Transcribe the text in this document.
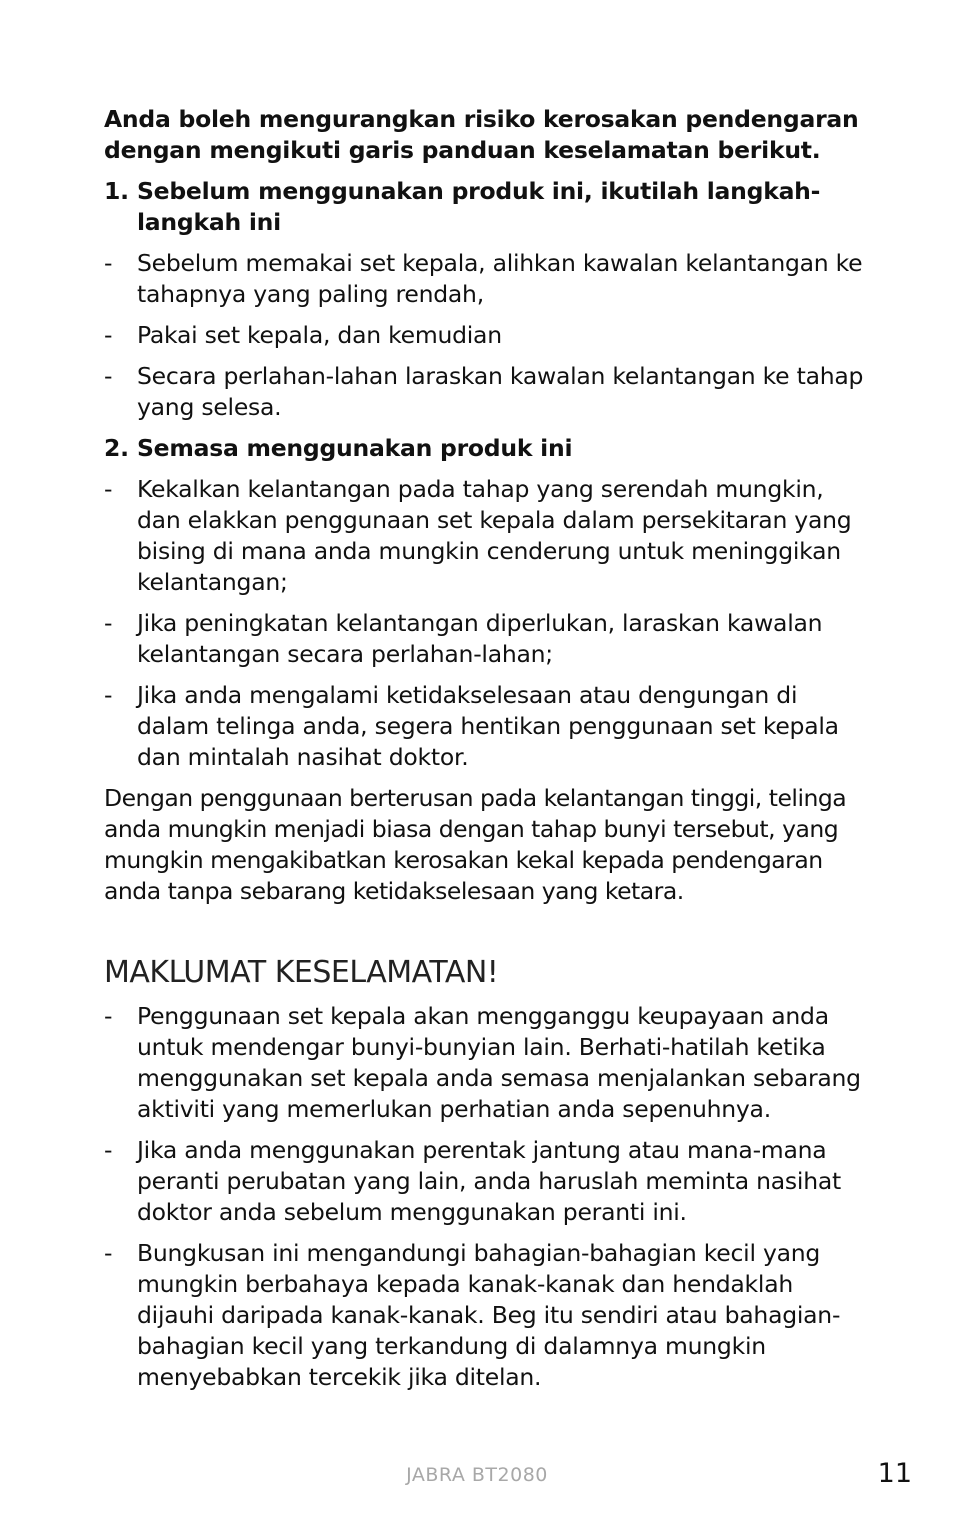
Anda boleh mengurangkan risiko kerosakan pendengaran dengan mengikuti garis panduan keselamatan berikut.

1. Sebelum menggunakan produk ini, ikutilah langkah-langkah ini
-	Sebelum memakai set kepala, alihkan kawalan kelantangan ke tahapnya yang paling rendah,
-	Pakai set kepala, dan kemudian
-	Secara perlahan-lahan laraskan kawalan kelantangan ke tahap yang selesa.
2. Semasa menggunakan produk ini
-	Kekalkan kelantangan pada tahap yang serendah mungkin, dan elakkan penggunaan set kepala dalam persekitaran yang bising di mana anda mungkin cenderung untuk meninggikan kelantangan;
-	Jika peningkatan kelantangan diperlukan, laraskan kawalan kelantangan secara perlahan-lahan;
-	Jika anda mengalami ketidakselesaan atau dengungan di dalam telinga anda, segera hentikan penggunaan set kepala dan mintalah nasihat doktor.

Dengan penggunaan berterusan pada kelantangan tinggi, telinga anda mungkin menjadi biasa dengan tahap bunyi tersebut, yang mungkin mengakibatkan kerosakan kekal kepada pendengaran anda tanpa sebarang ketidakselesaan yang ketara.

MAKLUMAT KESELAMATAN!
-	Penggunaan set kepala akan mengganggu keupayaan anda untuk mendengar bunyi-bunyian lain. Berhati-hatilah ketika menggunakan set kepala anda semasa menjalankan sebarang aktiviti yang memerlukan perhatian anda sepenuhnya.
-	Jika anda menggunakan perentak jantung atau mana-mana peranti perubatan yang lain, anda haruslah meminta nasihat doktor anda sebelum menggunakan peranti ini.
-	Bungkusan ini mengandungi bahagian-bahagian kecil yang mungkin berbahaya kepada kanak-kanak dan hendaklah dijauhi daripada kanak-kanak. Beg itu sendiri atau bahagian-bahagian kecil yang terkandung di dalamnya mungkin menyebabkan tercekik jika ditelan.
JABRA BT2080	11
